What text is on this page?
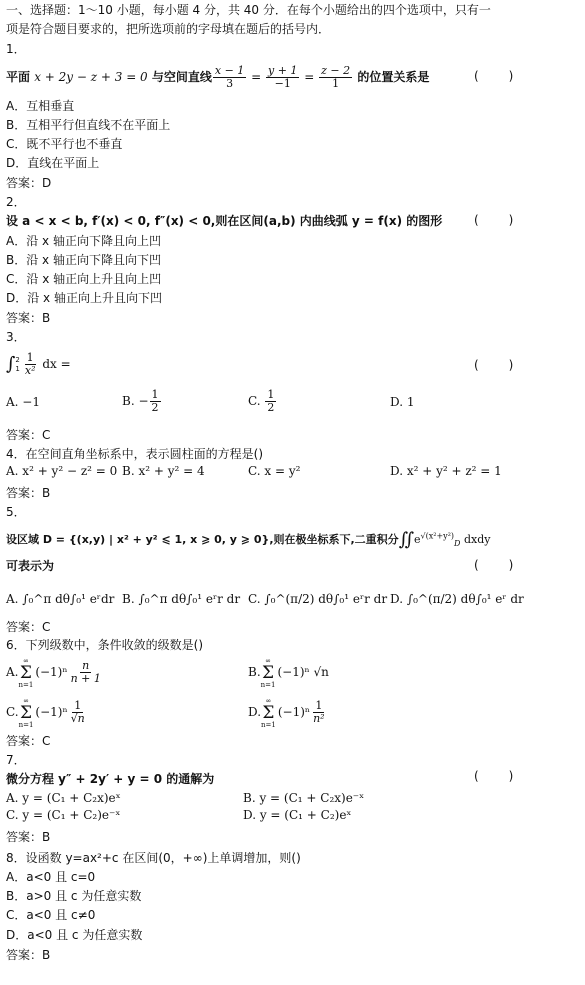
一、选择题：1～10 小题，每小题 4 分，共 40 分．在每个小题给出的四个选项中，只有一
项是符合题目要求的，把所选项前的字母填在题后的括号内．
1．
平面 x + 2y − z + 3 = 0 与空间直线 $\frac{x - 1}{3} = \frac{y + 1}{-1} = \frac{z - 2}{1}$ 的位置关系是	(      )
A．互相垂直
B．互相平行但直线不在平面上
C．既不平行也不垂直
D．直线在平面上
答案：D
2．
设 a < x < b, f′(x) < 0, f″(x) < 0,则在区间(a,b) 内曲线弧 y = f(x) 的图形	(      )
A．沿 x 轴正向下降且向上凹
B．沿 x 轴正向下降且向下凹
C．沿 x 轴正向上升且向上凹
D．沿 x 轴正向上升且向下凹
答案：B
3．
∫ 2
$1 \frac{1}{\text{x²}}$ dx =	(      )
A. −1	B. − $\frac{1}{2}$	C. $\frac{1}{2}$	D. 1
答案：C
4．在空间直角坐标系中，表示圆柱面的方程是()
A. x² + y² − z² = 0 B. x² + y² = 4	C. x = y²	D. x² + y² + z² = 1
答案：B
5．
设区域 D = {(x,y) | x² + y² ⩽ 1, x ⩾ 0, y ⩾ 0},则在极坐标系下,二重积分$∬e^{√(x^2+y^2)}_D$ dxdy
可表示为	(      )
A. ∫₀^π dθ∫₀¹ eʳdr B. ∫₀^π dθ∫₀¹ eʳr dr C. ∫₀^(π/2) dθ∫₀¹ eʳr dr D. ∫₀^(π/2) dθ∫₀¹ eʳ dr
答案：C
6．下列级数中，条件收敛的级数是()
A.
∞
Σ
n=1
$(-1)^n \frac{n}{n + 1}$	B.
∞
Σ
n=1
(−1)ⁿ √n
C.
∞
Σ
n=1
$(-1)^n \frac{1}{√n}$	D.
∞
Σ
n=1
$(-1)^n \frac{1}{\text{n²}}$
答案：C
7．
微分方程 y″ + 2y′ + y = 0 的通解为	(      )
A. y = (C₁ + C₂x)eˣ	B. y = (C₁ + C₂x)e⁻ˣ
C. y = (C₁ + C₂)e⁻ˣ	D. y = (C₁ + C₂)eˣ
答案：B
8．设函数 y=ax²+c 在区间(0，+∞)上单调增加，则()
A．a<0 且 c=0
B．a>0 且 c 为任意实数
C．a<0 且 c≠0
D．a<0 且 c 为任意实数
答案：B
